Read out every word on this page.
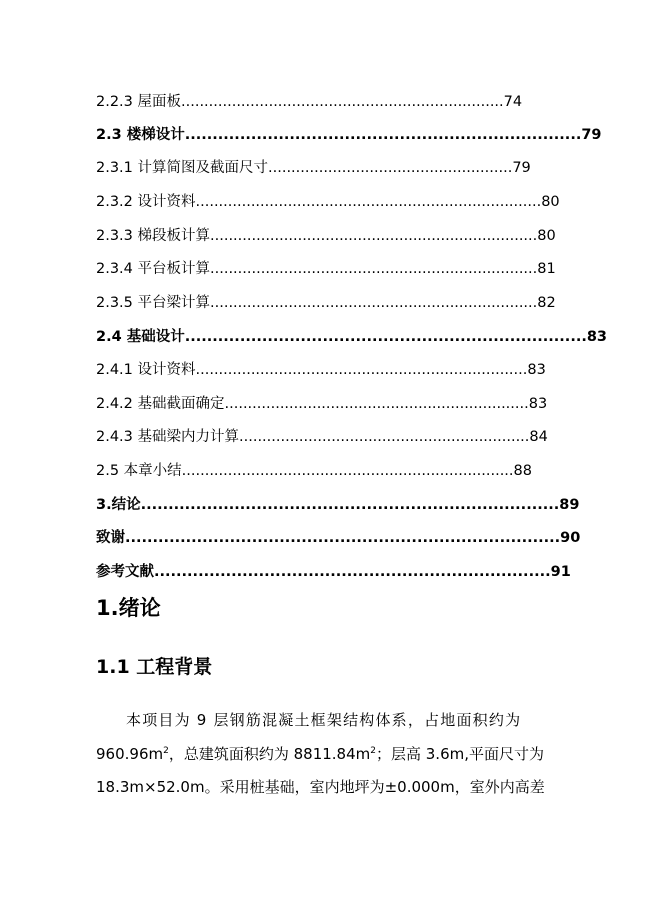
2.2.3 屋面板......................................................................74
2.3 楼梯设计........................................................................79
2.3.1 计算简图及截面尺寸.....................................................79
2.3.2 设计资料...........................................................................80
2.3.3 梯段板计算.......................................................................80
2.3.4 平台板计算.......................................................................81
2.3.5 平台梁计算.......................................................................82
2.4 基础设计.........................................................................83
2.4.1 设计资料........................................................................83
2.4.2 基础截面确定..................................................................83
2.4.3 基础梁内力计算...............................................................84
2.5 本章小结........................................................................88
3.结论............................................................................89
致谢...............................................................................90
参考文献........................................................................91
1.绪论
1.1 工程背景
本项目为 9 层钢筋混凝土框架结构体系，占地面积约为
$960.96m^2$，总建筑面积约为 $8811.84m^2$；层高 3.6m,平面尺寸为
18.3m×52.0m。采用桩基础，室内地坪为±0.000m，室外内高差
